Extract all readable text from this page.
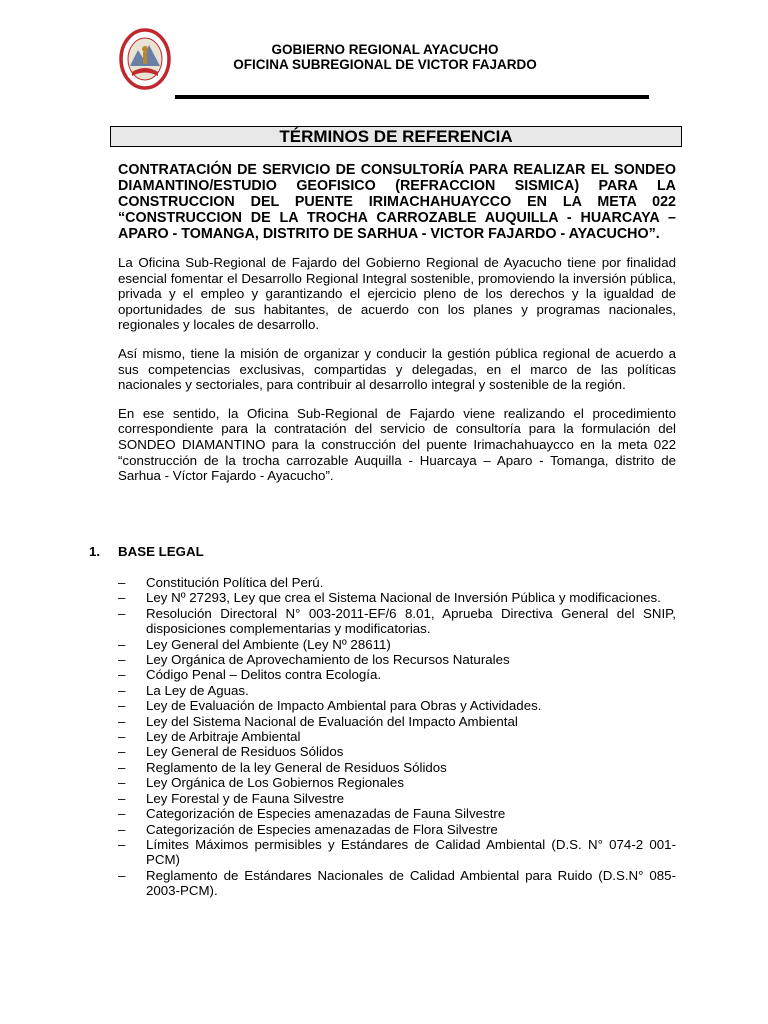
GOBIERNO REGIONAL AYACUCHO
OFICINA SUBREGIONAL DE VICTOR FAJARDO
TÉRMINOS DE REFERENCIA

CONTRATACIÓN DE SERVICIO DE CONSULTORÍA PARA REALIZAR EL SONDEO DIAMANTINO/ESTUDIO GEOFISICO (REFRACCION SISMICA) PARA LA CONSTRUCCION DEL PUENTE IRIMACHAHUAYCCO EN LA META 022 “CONSTRUCCION DE LA TROCHA CARROZABLE AUQUILLA - HUARCAYA – APARO - TOMANGA, DISTRITO DE SARHUA - VICTOR FAJARDO - AYACUCHO”.

La Oficina Sub-Regional de Fajardo del Gobierno Regional de Ayacucho tiene por finalidad esencial fomentar el Desarrollo Regional Integral sostenible, promoviendo la inversión pública, privada y el empleo y garantizando el ejercicio pleno de los derechos y la igualdad de oportunidades de sus habitantes, de acuerdo con los planes y programas nacionales, regionales y locales de desarrollo.

Así mismo, tiene la misión de organizar y conducir la gestión pública regional de acuerdo a sus competencias exclusivas, compartidas y delegadas, en el marco de las políticas nacionales y sectoriales, para contribuir al desarrollo integral y sostenible de la región.

En ese sentido, la Oficina Sub-Regional de Fajardo viene realizando el procedimiento correspondiente para la contratación del servicio de consultoría para la formulación del SONDEO DIAMANTINO para la construcción del puente Irimachahuaycco en la meta 022 “construcción de la trocha carrozable Auquilla - Huarcaya – Aparo - Tomanga, distrito de Sarhua - Víctor Fajardo - Ayacucho”.

1. BASE LEGAL
– Constitución Política del Perú.
– Ley Nº 27293, Ley que crea el Sistema Nacional de Inversión Pública y modificaciones.
– Resolución Directoral N° 003-2011-EF/6 8.01, Aprueba Directiva General del SNIP, disposiciones complementarias y modificatorias.
– Ley General del Ambiente (Ley Nº 28611)
– Ley Orgánica de Aprovechamiento de los Recursos Naturales
– Código Penal – Delitos contra Ecología.
– La Ley de Aguas.
– Ley de Evaluación de Impacto Ambiental para Obras y Actividades.
– Ley del Sistema Nacional de Evaluación del Impacto Ambiental
– Ley de Arbitraje Ambiental
– Ley General de Residuos Sólidos
– Reglamento de la ley General de Residuos Sólidos
– Ley Orgánica de Los Gobiernos Regionales
– Ley Forestal y de Fauna Silvestre
– Categorización de Especies amenazadas de Fauna Silvestre
– Categorización de Especies amenazadas de Flora Silvestre
– Límites Máximos permisibles y Estándares de Calidad Ambiental (D.S. N° 074-2 001-PCM)
– Reglamento de Estándares Nacionales de Calidad Ambiental para Ruido (D.S.N° 085-2003-PCM).
